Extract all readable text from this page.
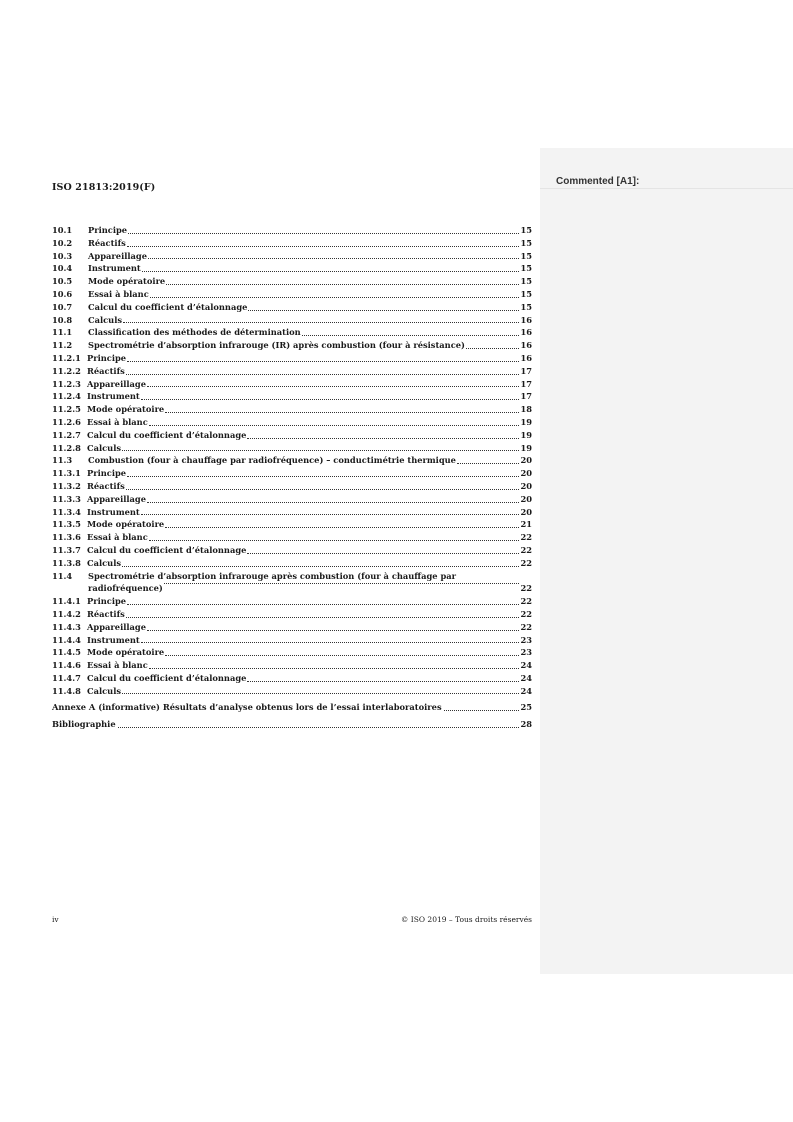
ISO 21813:2019(F)
10.1	Principe	15
10.2	Réactifs	15
10.3	Appareillage	15
10.4	Instrument	15
10.5	Mode opératoire	15
10.6	Essai à blanc	15
10.7	Calcul du coefficient d’étalonnage	15
10.8	Calculs	16
11.1	Classification des méthodes de détermination	16
11.2	Spectrométrie d’absorption infrarouge (IR) après combustion (four à résistance)	16
11.2.1 Principe	16
11.2.2 Réactifs	17
11.2.3 Appareillage	17
11.2.4 Instrument	17
11.2.5 Mode opératoire	18
11.2.6 Essai à blanc	19
11.2.7 Calcul du coefficient d’étalonnage	19
11.2.8 Calculs	19
11.3	Combustion (four à chauffage par radiofréquence) – conductimétrie thermique	20
11.3.1 Principe	20
11.3.2 Réactifs	20
11.3.3 Appareillage	20
11.3.4 Instrument	20
11.3.5 Mode opératoire	21
11.3.6 Essai à blanc	22
11.3.7 Calcul du coefficient d’étalonnage	22
11.3.8 Calculs	22
11.4	Spectrométrie d’absorption infrarouge après combustion (four à chauffage par
radiofréquence)	22
11.4.1 Principe	22
11.4.2 Réactifs	22
11.4.3 Appareillage	22
11.4.4 Instrument	23
11.4.5 Mode opératoire	23
11.4.6 Essai à blanc	24
11.4.7 Calcul du coefficient d’étalonnage	24
11.4.8 Calculs	24
Annexe A (informative) Résultats d’analyse obtenus lors de l’essai interlaboratoires	25
Bibliographie	28
iv	© ISO 2019 – Tous droits réservés
Commented [A1]:
